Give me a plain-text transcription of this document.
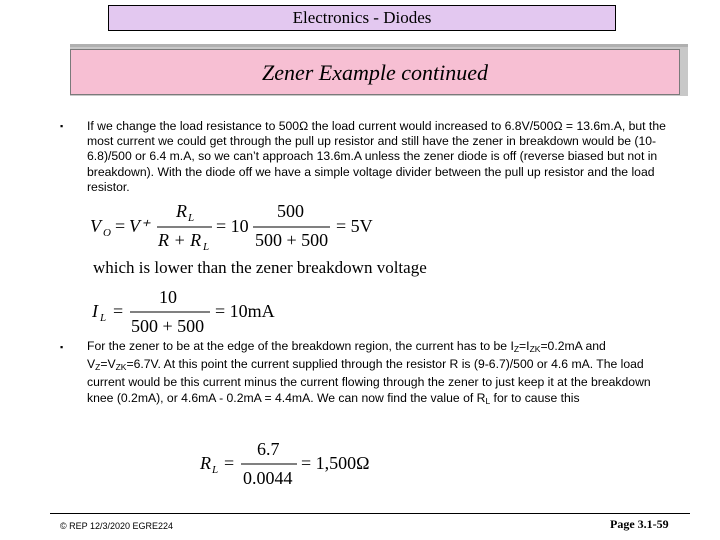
Electronics - Diodes
Zener Example continued
▪	If we change the load resistance to 500Ω the load current would increased to 6.8V/500Ω = 13.6m.A, but the most current we could get through the pull up resistor and still have the zener in breakdown would be (10-6.8)/500 or 6.4 m.A, so we can’t approach 13.6m.A unless the zener diode is off (reverse biased but not in breakdown). With the diode off we have a simple voltage divider between the pull up resistor and the load resistor.
V O = V⁺
R L
R + R L
= 10
500
500 + 500
= 5V
which is lower than the zener breakdown voltage
I L =
10
500 + 500
= 10mA
▪	For the zener to be at the edge of the breakdown region, the current has to be $I_Z=I_{ZK}=0.2mA$ and $V_Z=V_{ZK}=6.7V$. At this point the current supplied through the resistor R is (9-6.7)/500 or 4.6 mA. The load current would be this current minus the current flowing through the zener to just keep it at the breakdown knee (0.2mA), or 4.6mA - 0.2mA = 4.4mA. We can now find the value of $R_L$ for to cause this
R L =
6.7
0.0044
= 1,500Ω
© REP 12/3/2020 EGRE224	Page 3.1-59
